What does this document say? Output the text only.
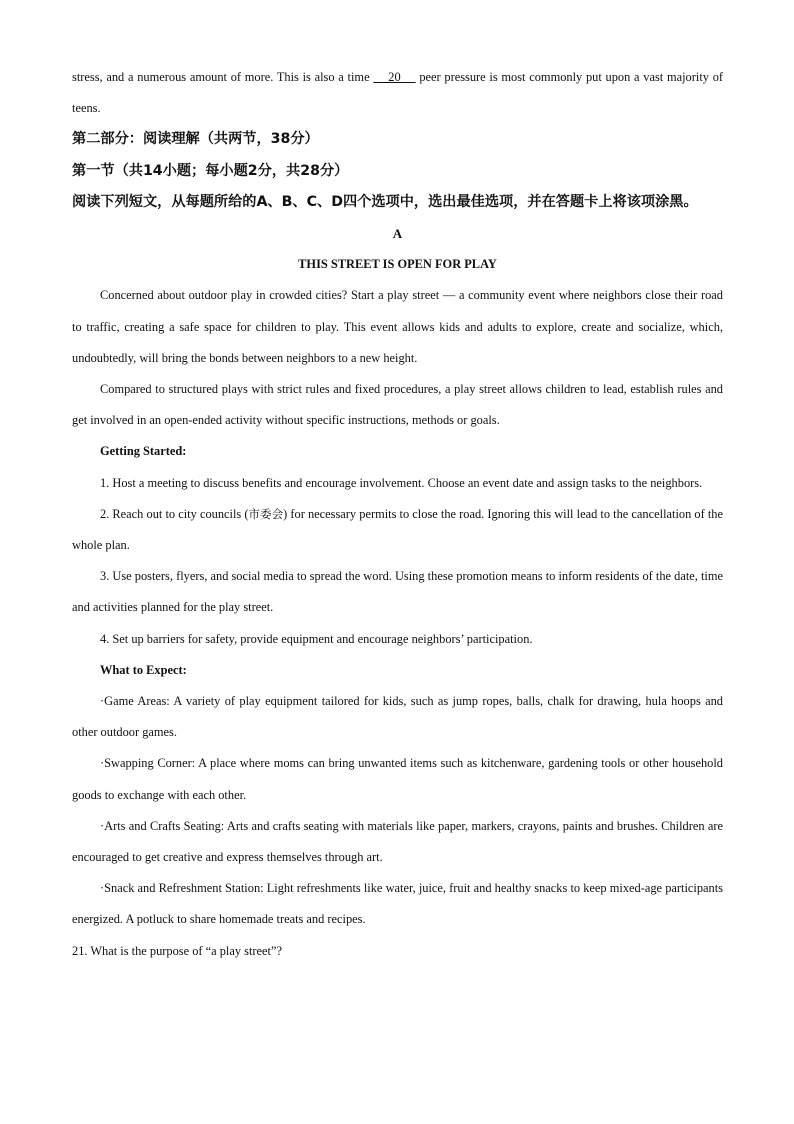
stress, and a numerous amount of more. This is also a time     20     peer pressure is most commonly put upon a vast majority of teens.

第二部分：阅读理解（共两节，38分）

第一节（共14小题；每小题2分，共28分）

阅读下列短文，从每题所给的A、B、C、D四个选项中，选出最佳选项，并在答题卡上将该项涂黑。

A

THIS STREET IS OPEN FOR PLAY

Concerned about outdoor play in crowded cities? Start a play street — a community event where neighbors close their road to traffic, creating a safe space for children to play. This event allows kids and adults to explore, create and socialize, which, undoubtedly, will bring the bonds between neighbors to a new height.

Compared to structured plays with strict rules and fixed procedures, a play street allows children to lead, establish rules and get involved in an open-ended activity without specific instructions, methods or goals.

Getting Started:

1. Host a meeting to discuss benefits and encourage involvement. Choose an event date and assign tasks to the neighbors.

2. Reach out to city councils (市委会) for necessary permits to close the road. Ignoring this will lead to the cancellation of the whole plan.

3. Use posters, flyers, and social media to spread the word. Using these promotion means to inform residents of the date, time and activities planned for the play street.

4. Set up barriers for safety, provide equipment and encourage neighbors’ participation.

What to Expect:

·Game Areas: A variety of play equipment tailored for kids, such as jump ropes, balls, chalk for drawing, hula hoops and other outdoor games.

·Swapping Corner: A place where moms can bring unwanted items such as kitchenware, gardening tools or other household goods to exchange with each other.

·Arts and Crafts Seating: Arts and crafts seating with materials like paper, markers, crayons, paints and brushes. Children are encouraged to get creative and express themselves through art.

·Snack and Refreshment Station: Light refreshments like water, juice, fruit and healthy snacks to keep mixed-age participants energized. A potluck to share homemade treats and recipes.

21. What is the purpose of “a play street”?
